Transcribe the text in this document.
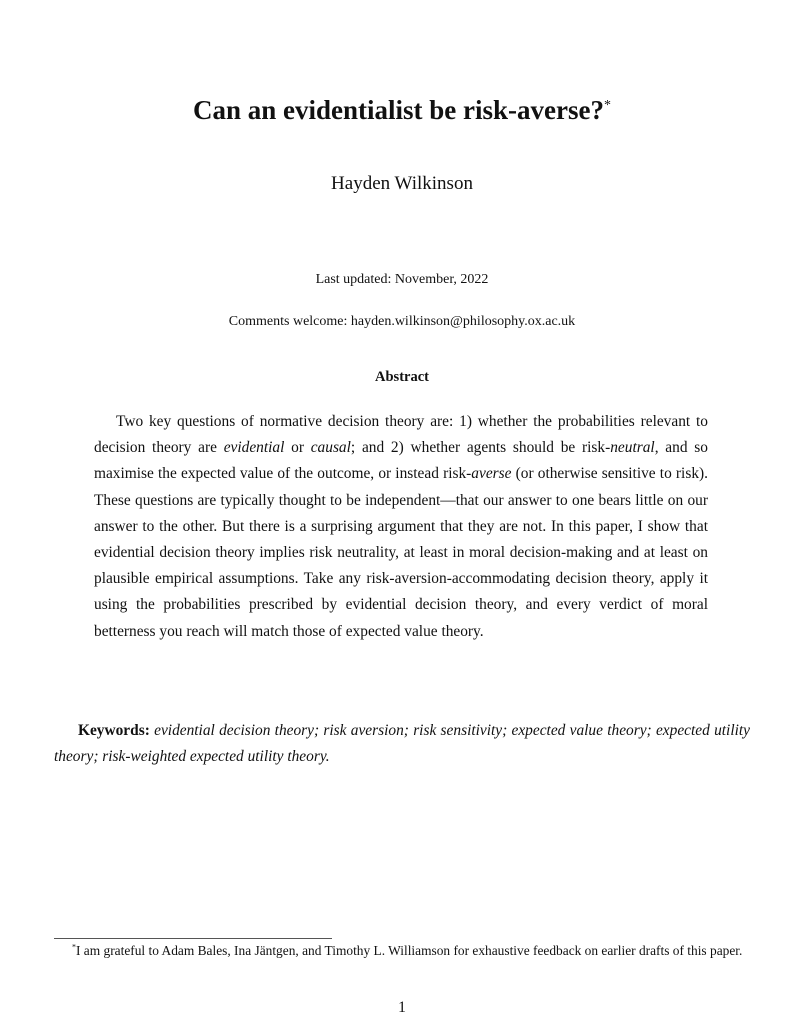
Can an evidentialist be risk-averse?*
Hayden Wilkinson
Last updated: November, 2022
Comments welcome: hayden.wilkinson@philosophy.ox.ac.uk
Abstract

Two key questions of normative decision theory are: 1) whether the probabilities relevant to decision theory are evidential or causal; and 2) whether agents should be risk-neutral, and so maximise the expected value of the outcome, or instead risk-averse (or otherwise sensitive to risk). These questions are typically thought to be independent—that our answer to one bears little on our answer to the other. But there is a surprising argument that they are not. In this paper, I show that evidential decision theory implies risk neutrality, at least in moral decision-making and at least on plausible empirical assumptions. Take any risk-aversion-accommodating decision theory, apply it using the probabilities prescribed by evidential decision theory, and every verdict of moral betterness you reach will match those of expected value theory.

Keywords: evidential decision theory; risk aversion; risk sensitivity; expected value theory; expected utility theory; risk-weighted expected utility theory.

*I am grateful to Adam Bales, Ina Jäntgen, and Timothy L. Williamson for exhaustive feedback on earlier drafts of this paper.

1
